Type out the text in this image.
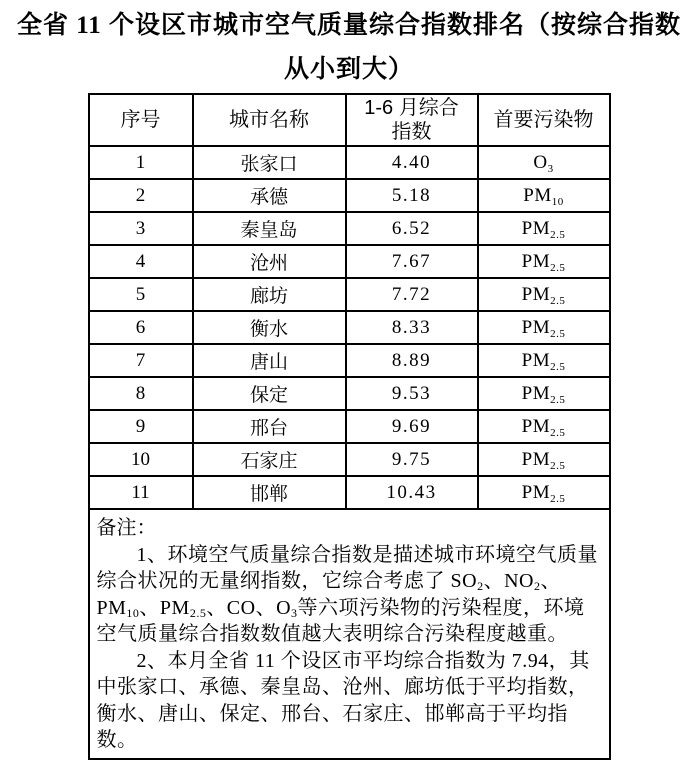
全省 11 个设区市城市空气质量综合指数排名（按综合指数
从小到大）
序号	城市名称	1-6 月综合指数	首要污染物
1	张家口	4.40	$O_3$
2	承德	5.18	$PM_{10}$
3	秦皇岛	6.52	$PM_{2.5}$
4	沧州	7.67	$PM_{2.5}$
5	廊坊	7.72	$PM_{2.5}$
6	衡水	8.33	$PM_{2.5}$
7	唐山	8.89	$PM_{2.5}$
8	保定	9.53	$PM_{2.5}$
9	邢台	9.69	$PM_{2.5}$
10	石家庄	9.75	$PM_{2.5}$
11	邯郸	10.43	$PM_{2.5}$

备注：

1、环境空气质量综合指数是描述城市环境空气质量综合状况的无量纲指数，它综合考虑了 $SO_2$、$NO_2$、$PM_{10}$、$PM_{2.5}$、CO、$O_3$等六项污染物的污染程度，环境空气质量综合指数数值越大表明综合污染程度越重。

2、本月全省 11 个设区市平均综合指数为 7.94，其中张家口、承德、秦皇岛、沧州、廊坊低于平均指数，衡水、唐山、保定、邢台、石家庄、邯郸高于平均指数。			
